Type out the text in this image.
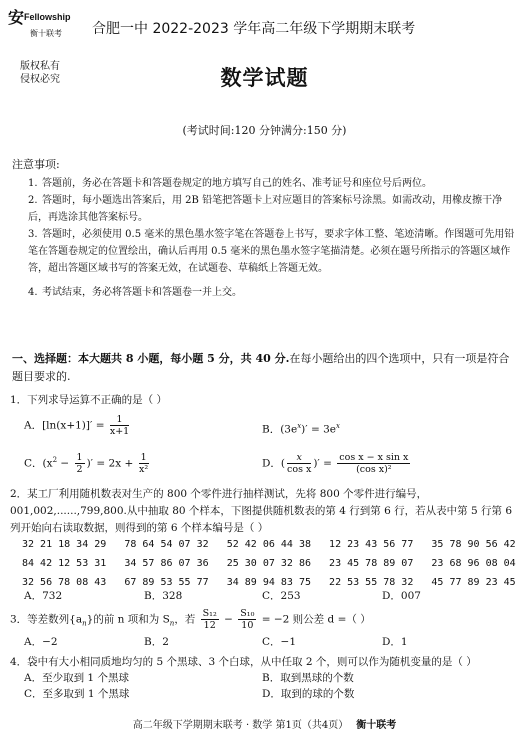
安 Fellowship
衡十联考
版权私有
侵权必究
合肥一中 2022-2023 学年高二年级下学期期末联考
数学试题
(考试时间:120 分钟满分:150 分)
注意事项:
1. 答题前，务必在答题卡和答题卷规定的地方填写自己的姓名、准考证号和座位号后两位。
2. 答题时，每小题选出答案后，用 2B 铅笔把答题卡上对应题目的答案标号涂黑。如需改动，用橡皮擦干净后，再选涂其他答案标号。
3. 答题时，必须使用 0.5 毫米的黑色墨水签字笔在答题卷上书写，要求字体工整、笔迹清晰。作图题可先用铅笔在答题卷规定的位置绘出，确认后再用 0.5 毫米的黑色墨水签字笔描清楚。必须在题号所指示的答题区域作答，超出答题区域书写的答案无效，在试题卷、草稿纸上答题无效。
4. 考试结束，务必将答题卡和答题卷一并上交。
一、选择题：本大题共 8 小题，每小题 5 分，共 40 分.在每小题给出的四个选项中，只有一项是符合题目要求的.
1．下列求导运算不正确的是（ ）
A．$[\ln(x+1)]' = \frac{1}{x+1}$	B．$(3e^x)' = 3e^x$
C．($x^2 - \frac{1}{2}$ )′ = $2x + \frac{1}{\text{x²}}$	D．( $\frac{x}{\text{cos x}}$ )′ = $\frac{\text{cos x − x sin x}}{\text{(cos x)²}}$
2．某工厂利用随机数表对生产的 800 个零件进行抽样测试，先将 800 个零件进行编号，001,002,......,799,800.从中抽取 80 个样本，下图提供随机数表的第 4 行到第 6 行，若从表中第 5 行第 6 列开始向右读取数据，则得到的第 6 个样本编号是（ ）
32 21 18 34 29   78 64 54 07 32   52 42 06 44 38   12 23 43 56 77   35 78 90 56 42
84 42 12 53 31   34 57 86 07 36   25 30 07 32 86   23 45 78 89 07   23 68 96 08 04
32 56 78 08 43   67 89 53 55 77   34 89 94 83 75   22 53 55 78 32   45 77 89 23 45
A．732	B．328	C．253	D．007
3．等差数列$\{a_n\}$的前 n 项和为 $S_n$，若 $\frac{\text{S₁₂}}{12} - \frac{\text{S₁₀}}{10} = -2$ 则公差 d =（ ）
A．−2	B．2	C．−1	D．1
4．袋中有大小相同质地均匀的 5 个黑球、3 个白球，从中任取 2 个，则可以作为随机变量的是（ ）
A．至少取到 1 个黑球	B．取到黑球的个数
C．至多取到 1 个黑球	D．取到的球的个数
高二年级下学期期末联考 · 数学 第1页（共4页） 衡十联考
